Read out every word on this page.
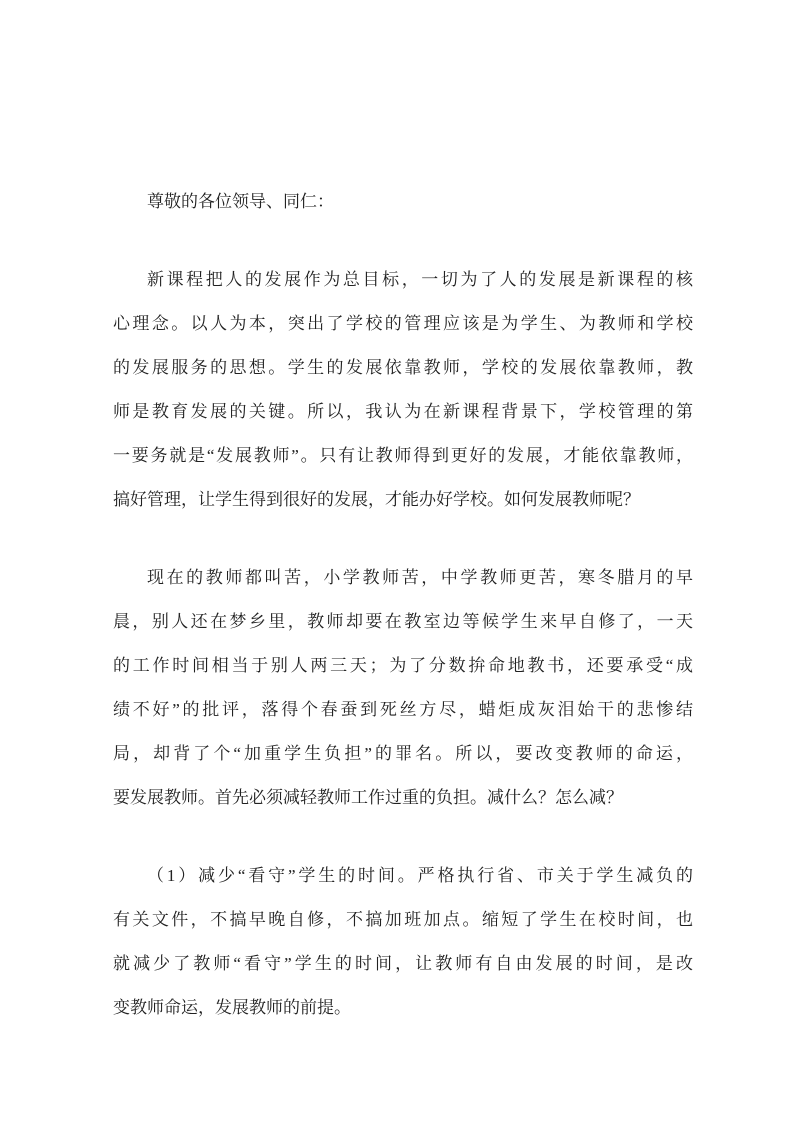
尊敬的各位领导、同仁：
新课程把人的发展作为总目标，一切为了人的发展是新课程的核
心理念。以人为本，突出了学校的管理应该是为学生、为教师和学校
的发展服务的思想。学生的发展依靠教师，学校的发展依靠教师，教
师是教育发展的关键。所以，我认为在新课程背景下，学校管理的第
一要务就是“发展教师”。只有让教师得到更好的发展，才能依靠教师，
搞好管理，让学生得到很好的发展，才能办好学校。如何发展教师呢？
现在的教师都叫苦，小学教师苦，中学教师更苦，寒冬腊月的早
晨，别人还在梦乡里，教师却要在教室边等候学生来早自修了，一天
的工作时间相当于别人两三天；为了分数拚命地教书，还要承受“成
绩不好”的批评，落得个春蚕到死丝方尽，蜡炬成灰泪始干的悲惨结
局，却背了个“加重学生负担”的罪名。所以，要改变教师的命运，
要发展教师。首先必须减轻教师工作过重的负担。减什么？怎么减？
（1）减少“看守”学生的时间。严格执行省、市关于学生减负的
有关文件，不搞早晚自修，不搞加班加点。缩短了学生在校时间，也
就减少了教师“看守”学生的时间，让教师有自由发展的时间，是改
变教师命运，发展教师的前提。
